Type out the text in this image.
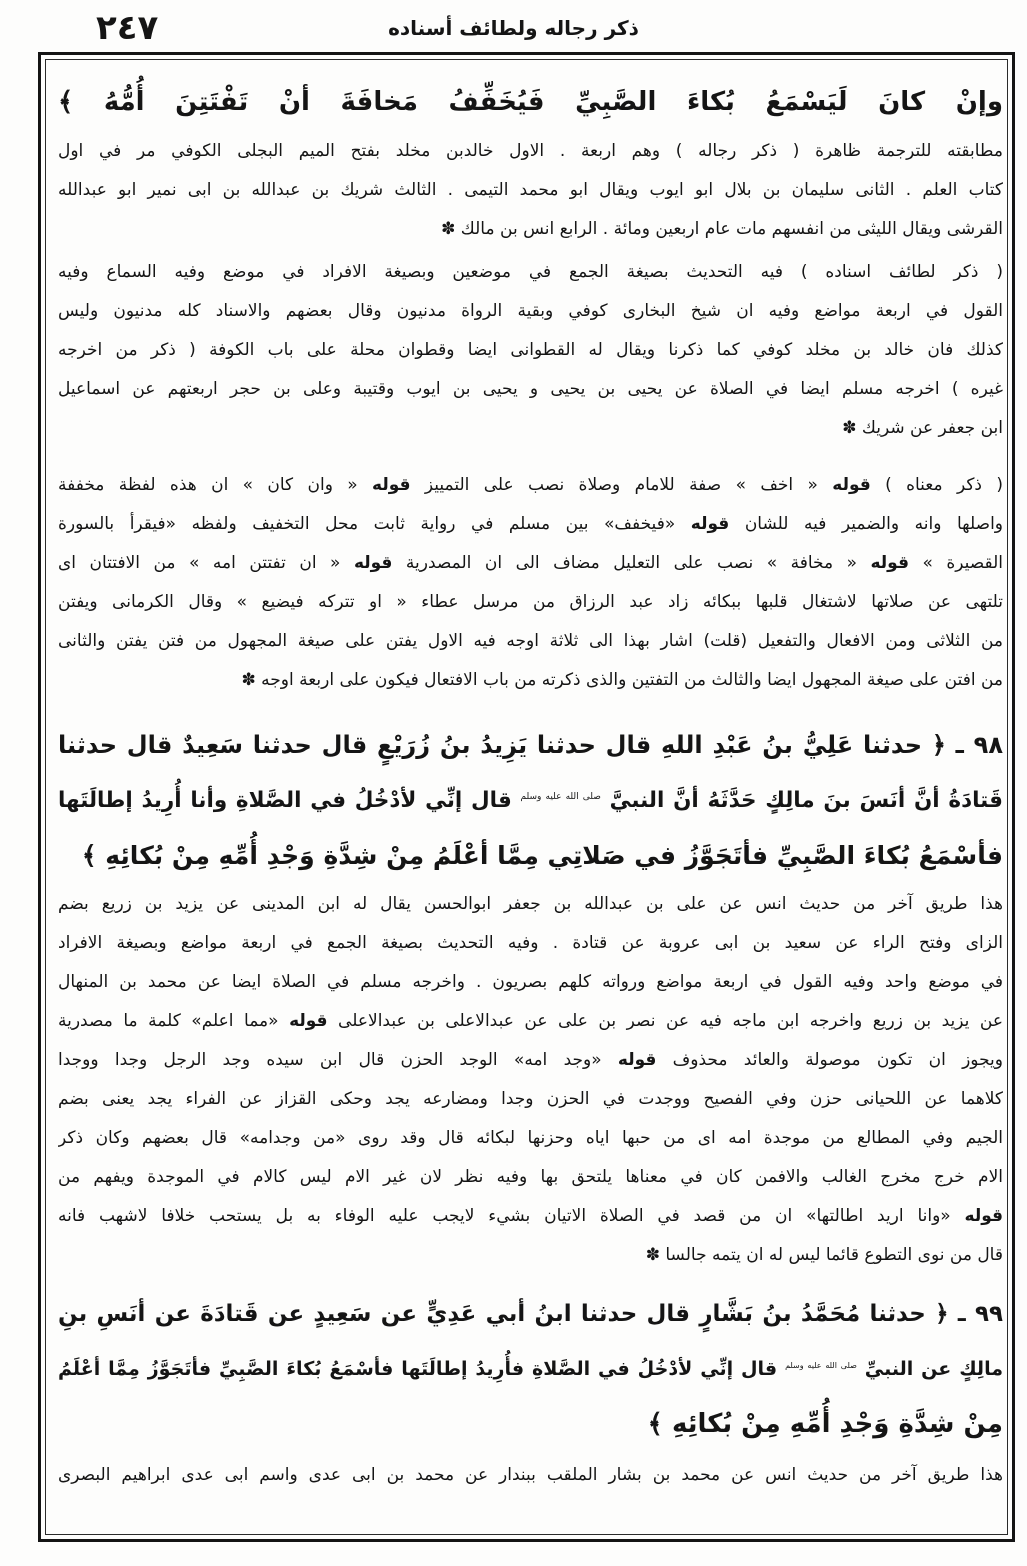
٢٤٧	ذكر رجاله ولطائف أسناده
وإنْ كانَ لَيَسْمَعُ بُكاءَ الصَّبِيِّ فَيُخَفِّفُ مَخافَةَ أنْ تَفْتَتِنَ أُمُّهُ ﴾
مطابقته للترجمة ظاهرة ( ذكر رجاله ) وهم اربعة . الاول خالدبن مخلد بفتح الميم البجلى الكوفي مر في اول
كتاب العلم . الثانى سليمان بن بلال ابو ايوب ويقال ابو محمد التيمى . الثالث شريك بن عبدالله بن ابى نمير ابو عبدالله
القرشى ويقال الليثى من انفسهم مات عام اربعين ومائة . الرابع انس بن مالك ✽
( ذكر لطائف اسناده ) فيه التحديث بصيغة الجمع في موضعين وبصيغة الافراد في موضع وفيه السماع وفيه
القول في اربعة مواضع وفيه ان شيخ البخارى كوفي وبقية الرواة مدنيون وقال بعضهم والاسناد كله مدنيون وليس
كذلك فان خالد بن مخلد كوفي كما ذكرنا ويقال له القطوانى ايضا وقطوان محلة على باب الكوفة ( ذكر من اخرجه
غيره ) اخرجه مسلم ايضا في الصلاة عن يحيى بن يحيى و يحيى بن ايوب وقتيبة وعلى بن حجر اربعتهم عن اسماعيل
ابن جعفر عن شريك ✽
( ذكر معناه ) قوله « اخف » صفة للامام وصلاة نصب على التمييز قوله « وان كان » ان هذه لفظة مخففة
واصلها وانه والضمير فيه للشان قوله «فيخفف» بين مسلم في رواية ثابت محل التخفيف ولفظه «فيقرأ بالسورة
القصيرة » قوله « مخافة » نصب على التعليل مضاف الى ان المصدرية قوله « ان تفتتن امه » من الافتتان اى
تلتهى عن صلاتها لاشتغال قلبها ببكائه زاد عبد الرزاق من مرسل عطاء « او تتركه فيضيع » وقال الكرمانى ويفتن
من الثلاثى ومن الافعال والتفعيل (قلت) اشار بهذا الى ثلاثة اوجه فيه الاول يفتن على صيغة المجهول من فتن يفتن والثانى
من افتن على صيغة المجهول ايضا والثالث من التفتين والذى ذكرته من باب الافتعال فيكون على اربعة اوجه ✽
٩٨ ـ ﴿ حدثنا عَلِيُّ بنُ عَبْدِ اللهِ قال حدثنا يَزِيدُ بنُ زُرَيْعٍ قال حدثنا سَعِيدٌ قال حدثنا
قَتادَةُ أنَّ أنَسَ بنَ مالِكٍ حَدَّثَهُ أنَّ النبيَّ $^{صلى الله عليه وسلم}$ قال إنِّي لأدْخُلُ في الصَّلاةِ وأنا أُرِيدُ إطالَتَها
فأسْمَعُ بُكاءَ الصَّبِيِّ فأتَجَوَّزُ في صَلاتِي مِمَّا أعْلَمُ مِنْ شِدَّةِ وَجْدِ أُمِّهِ مِنْ بُكائِهِ ﴾
هذا طريق آخر من حديث انس عن على بن عبدالله بن جعفر ابوالحسن يقال له ابن المدينى عن يزيد بن زريع بضم
الزاى وفتح الراء عن سعيد بن ابى عروبة عن قتادة . وفيه التحديث بصيغة الجمع في اربعة مواضع وبصيغة الافراد
في موضع واحد وفيه القول في اربعة مواضع ورواته كلهم بصريون . واخرجه مسلم في الصلاة ايضا عن محمد بن المنهال
عن يزيد بن زريع واخرجه ابن ماجه فيه عن نصر بن على عن عبدالاعلى بن عبدالاعلى قوله «مما اعلم» كلمة ما مصدرية
ويجوز ان تكون موصولة والعائد محذوف قوله «وجد امه» الوجد الحزن قال ابن سيده وجد الرجل وجدا ووجدا
كلاهما عن اللحيانى حزن وفي الفصيح ووجدت في الحزن وجدا ومضارعه يجد وحكى القزاز عن الفراء يجد يعنى بضم
الجيم وفي المطالع من موجدة امه اى من حبها اياه وحزنها لبكائه قال وقد روى «من وجدامه» قال بعضهم وكان ذكر
الام خرج مخرج الغالب والافمن كان في معناها يلتحق بها وفيه نظر لان غير الام ليس كالام في الموجدة ويفهم من
قوله «وانا اريد اطالتها» ان من قصد في الصلاة الاتيان بشيء لايجب عليه الوفاء به بل يستحب خلافا لاشهب فانه
قال من نوى التطوع قائما ليس له ان يتمه جالسا ✽
٩٩ ـ ﴿ حدثنا مُحَمَّدُ بنُ بَشَّارٍ قال حدثنا ابنُ أبي عَدِيٍّ عن سَعِيدٍ عن قَتادَةَ عن أنَسِ بنِ
مالِكٍ عن النبيِّ $^{صلى الله عليه وسلم}$ قال إنِّي لأدْخُلُ في الصَّلاةِ فأُرِيدُ إطالَتَها فأسْمَعُ بُكاءَ الصَّبِيِّ فأتَجَوَّزُ مِمَّا أعْلَمُ
مِنْ شِدَّةِ وَجْدِ أُمِّهِ مِنْ بُكائِهِ ﴾
هذا طريق آخر من حديث انس عن محمد بن بشار الملقب ببندار عن محمد بن ابى عدى واسم ابى عدى ابراهيم البصرى
